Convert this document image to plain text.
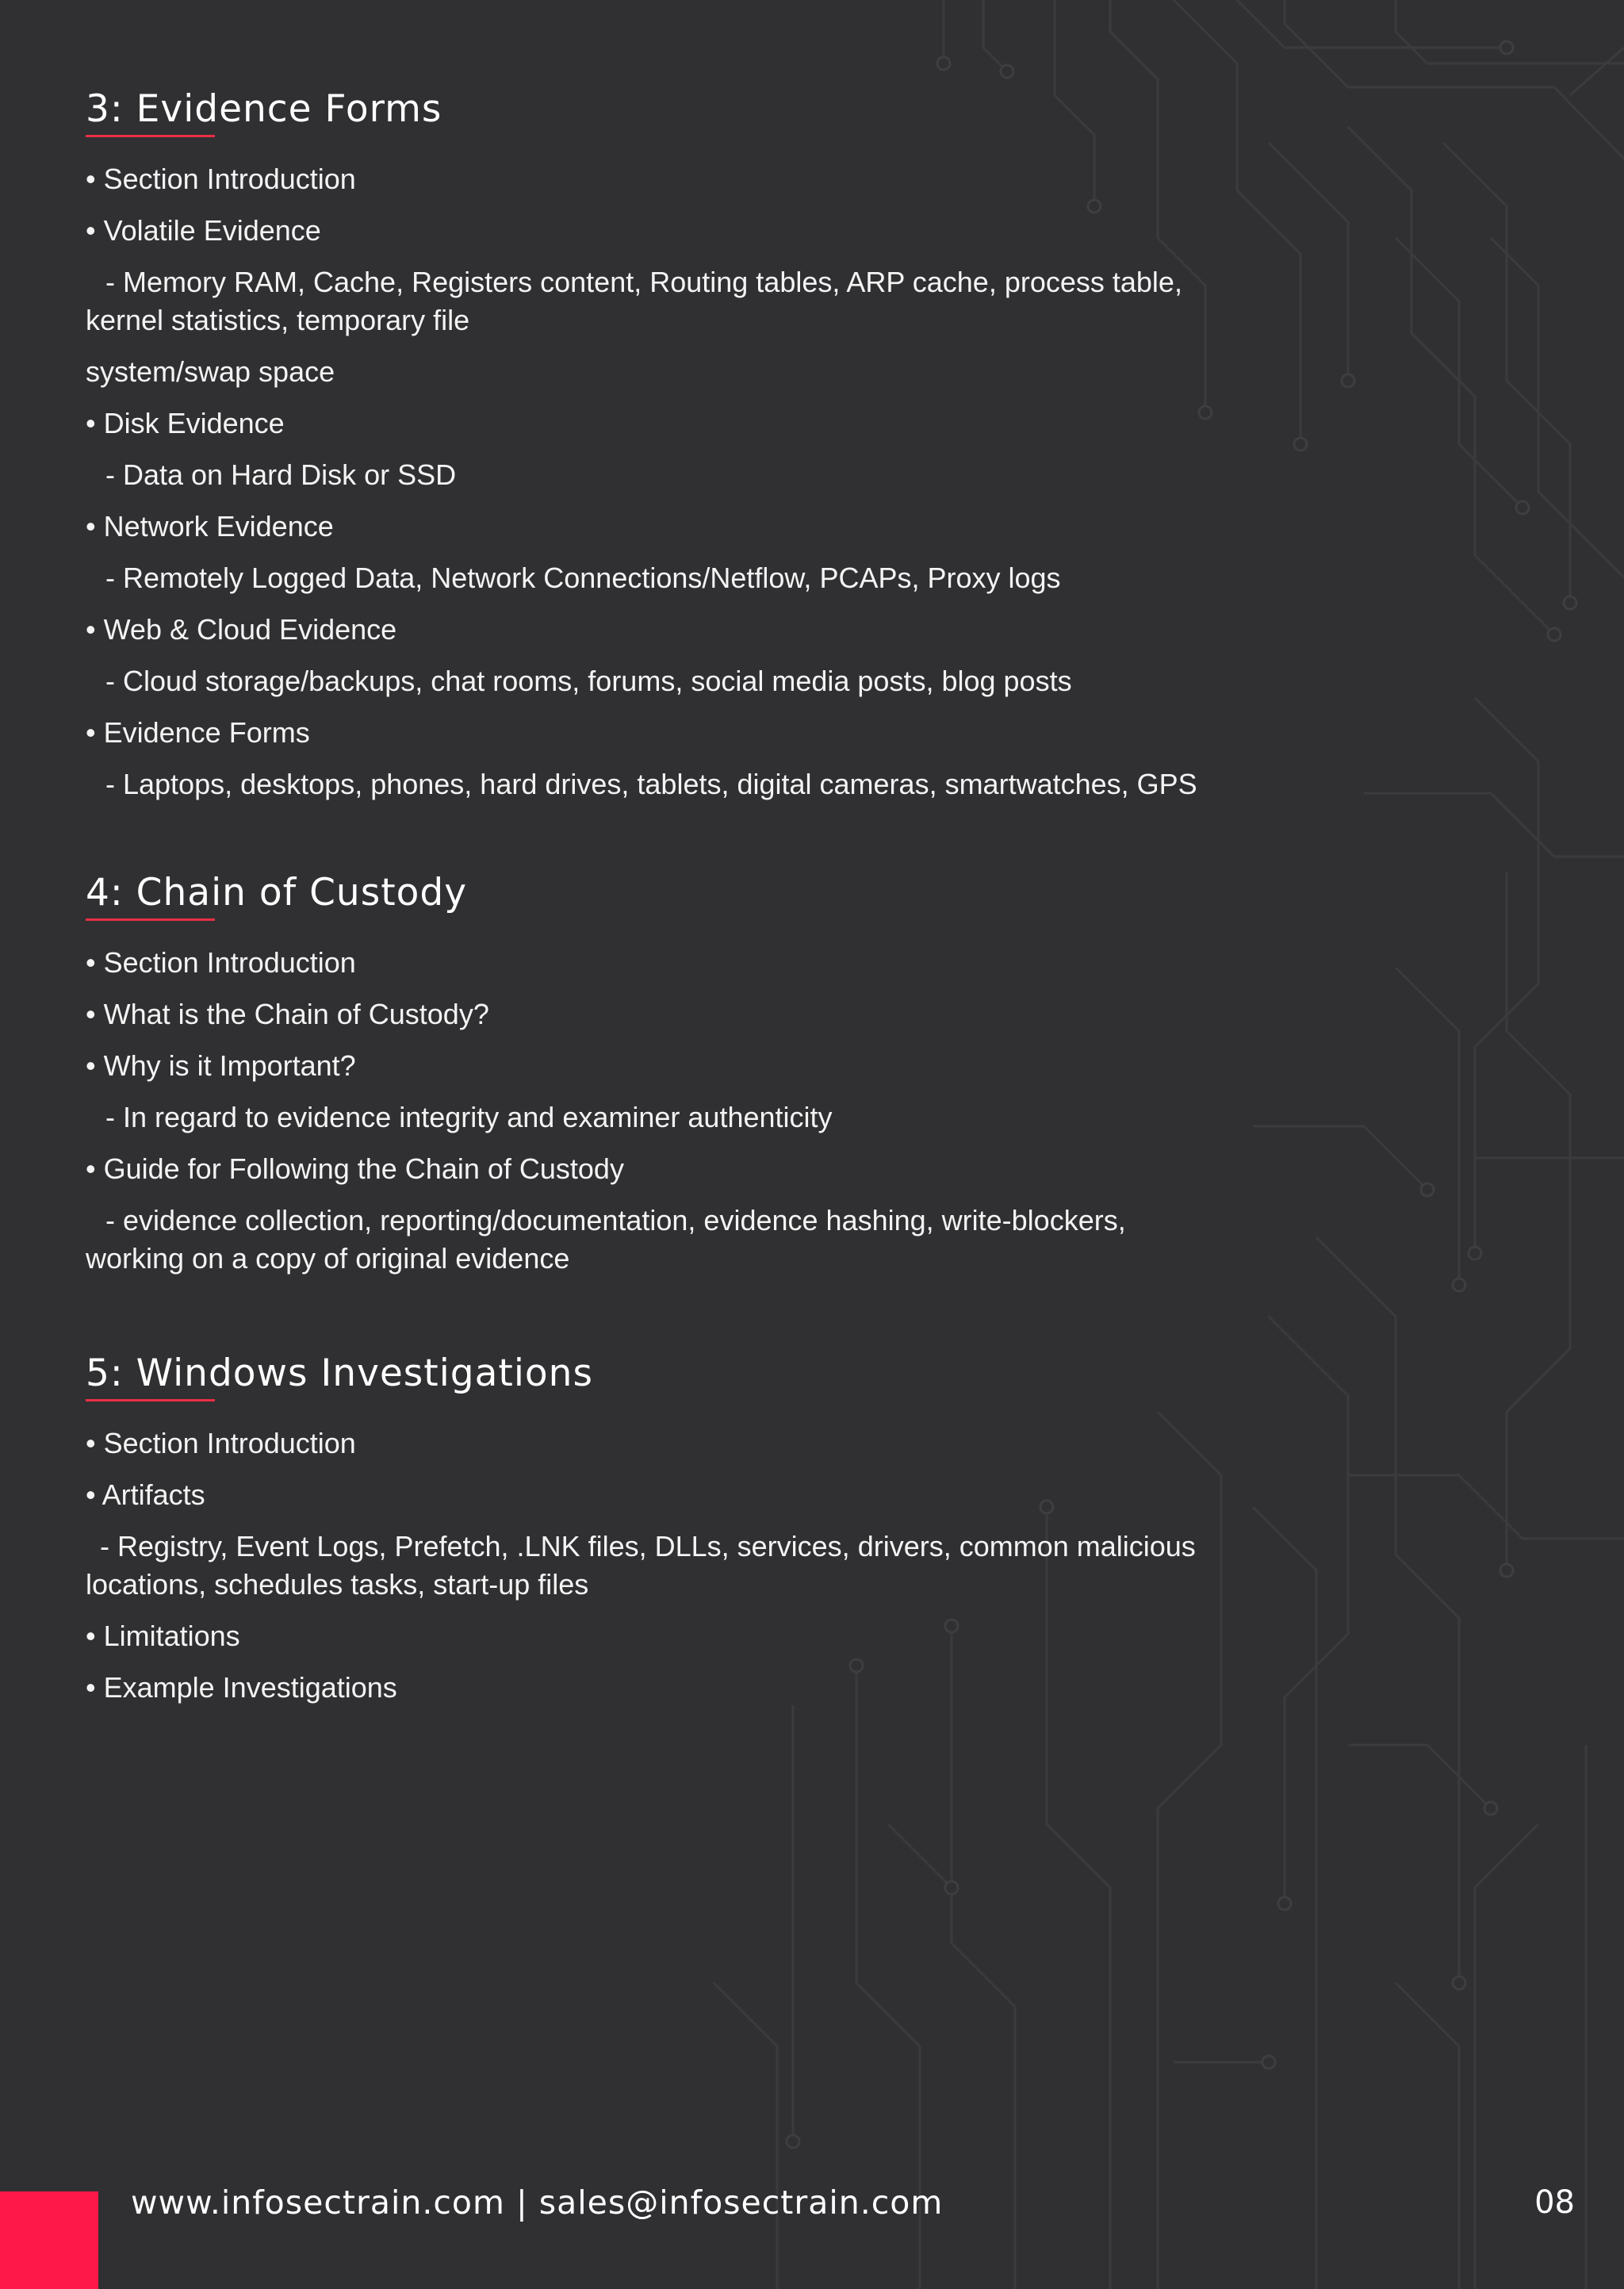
3: Evidence Forms
• Section Introduction
• Volatile Evidence
- Memory RAM, Cache, Registers content, Routing tables, ARP cache, process table,
kernel statistics, temporary file
system/swap space
• Disk Evidence
- Data on Hard Disk or SSD
• Network Evidence
- Remotely Logged Data, Network Connections/Netflow, PCAPs, Proxy logs
• Web & Cloud Evidence
- Cloud storage/backups, chat rooms, forums, social media posts, blog posts
• Evidence Forms
- Laptops, desktops, phones, hard drives, tablets, digital cameras, smartwatches, GPS
4: Chain of Custody
• Section Introduction
• What is the Chain of Custody?
• Why is it Important?
- In regard to evidence integrity and examiner authenticity
• Guide for Following the Chain of Custody
- evidence collection, reporting/documentation, evidence hashing, write-blockers,
working on a copy of original evidence
5: Windows Investigations
• Section Introduction
• Artifacts
- Registry, Event Logs, Prefetch, .LNK files, DLLs, services, drivers, common malicious
locations, schedules tasks, start-up files
• Limitations
• Example Investigations
www.infosectrain.com | sales@infosectrain.com	08
